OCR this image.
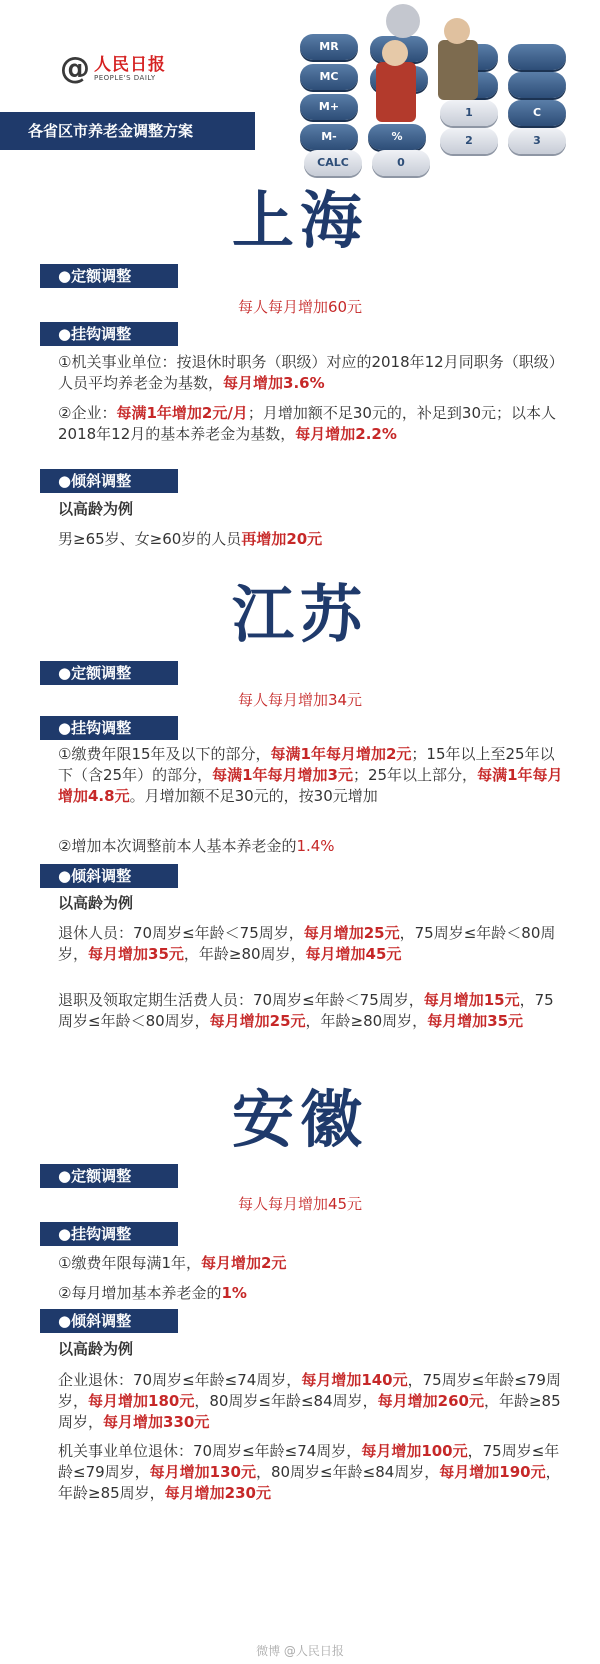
@ 人民日报
PEOPLE'S DAILY
MR
MC
M+
M-
CALC
%
0
1
2	3
C
各省区市养老金调整方案
上海
●定额调整
每人每月增加60元
●挂钩调整
①机关事业单位：按退休时职务（职级）对应的2018年12月同职务（职级）人员平均养老金为基数，每月增加3.6%
②企业：每满1年增加2元/月；月增加额不足30元的，补足到30元；以本人2018年12月的基本养老金为基数，每月增加2.2%
●倾斜调整
以高龄为例
男≥65岁、女≥60岁的人员再增加20元
江苏
●定额调整
每人每月增加34元
●挂钩调整
①缴费年限15年及以下的部分，每满1年每月增加2元；15年以上至25年以下（含25年）的部分，每满1年每月增加3元；25年以上部分，每满1年每月增加4.8元。月增加额不足30元的，按30元增加
②增加本次调整前本人基本养老金的1.4%
●倾斜调整
以高龄为例
退休人员：70周岁≤年龄＜75周岁，每月增加25元，75周岁≤年龄＜80周岁，每月增加35元，年龄≥80周岁，每月增加45元
退职及领取定期生活费人员：70周岁≤年龄＜75周岁，每月增加15元，75周岁≤年龄＜80周岁，每月增加25元，年龄≥80周岁，每月增加35元
安徽
●定额调整
每人每月增加45元
●挂钩调整
①缴费年限每满1年，每月增加2元
②每月增加基本养老金的1%
●倾斜调整
以高龄为例
企业退休：70周岁≤年龄≤74周岁，每月增加140元，75周岁≤年龄≤79周岁，每月增加180元，80周岁≤年龄≤84周岁，每月增加260元，年龄≥85周岁，每月增加330元
机关事业单位退休：70周岁≤年龄≤74周岁，每月增加100元，75周岁≤年龄≤79周岁，每月增加130元，80周岁≤年龄≤84周岁，每月增加190元，年龄≥85周岁，每月增加230元
微博 @人民日报
